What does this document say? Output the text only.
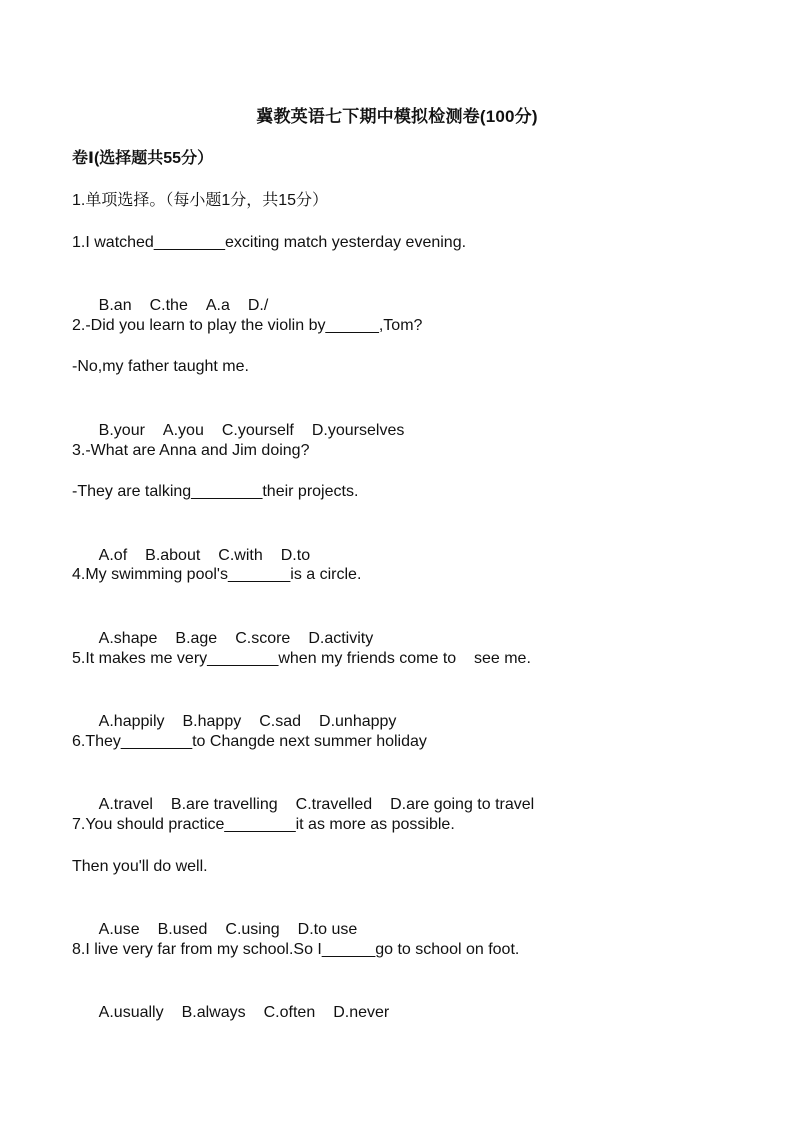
冀教英语七下期中模拟检测卷(100分)
卷Ⅰ(选择题共55分）
1.单项选择。（每小题1分，共15分）
1.I watched________exciting match yesterday evening.

B.an C.the A.a D./

2.-Did you learn to play the violin by______,Tom?
-No,my father taught me.

B.your A.you C.yourself D.yourselves

3.-What are Anna and Jim doing?
-They are talking________their projects.

A.of B.about C.with D.to

4.My swimming pool's_______is a circle.

A.shape B.age C.score D.activity

5.It makes me very________when my friends come to    see me.

A.happily B.happy C.sad D.unhappy

6.They________to Changde next summer holiday

A.travel B.are travelling C.travelled D.are going to travel

7.You should practice________it as more as possible.
Then you'll do well.

A.use B.used C.using D.to use

8.I live very far from my school.So I______go to school on foot.

A.usually B.always C.often D.never
